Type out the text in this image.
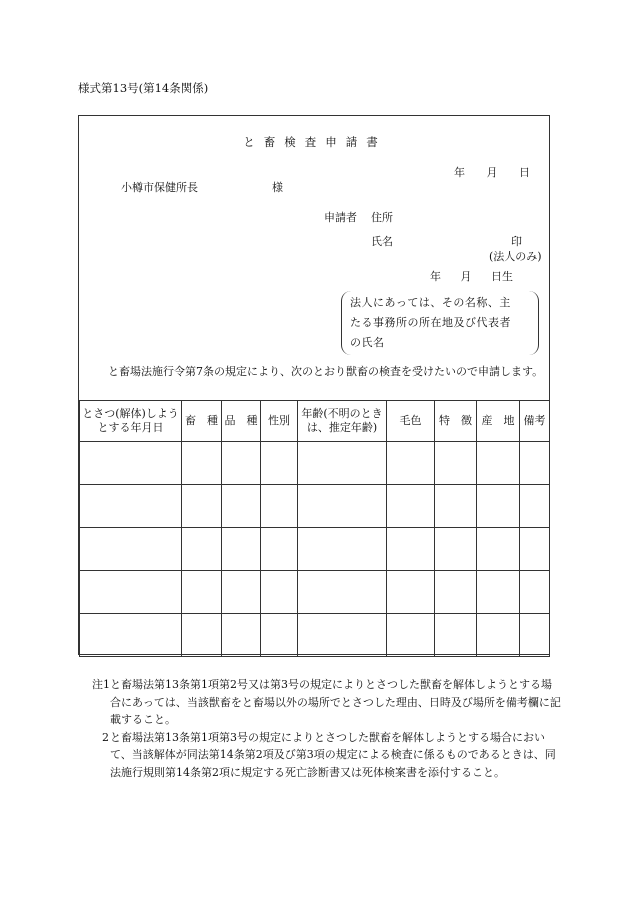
様式第13号(第14条関係)
と畜検査申請書
年 月 日
小樽市保健所長	様
申請者 住所
氏名	印
(法人のみ)
年 月 日生
法人にあっては、その名称、主
たる事務所の所在地及び代表者
の氏名
と畜場法施行令第7条の規定により、次のとおり獣畜の検査を受けたいので申請します。
とさつ(解体)しようとする年月日	畜　種	品　種	性別	年齢(不明のときは、推定年齢)	毛色	特　徴	産　地	備考

注1 と畜場法第13条第1項第2号又は第3号の規定によりとさつした獣畜を解体しようとする場合にあっては、当該獣畜をと畜場以外の場所でとさつした理由、日時及び場所を備考欄に記載すること。
2 と畜場法第13条第1項第3号の規定によりとさつした獣畜を解体しようとする場合において、当該解体が同法第14条第2項及び第3項の規定による検査に係るものであるときは、同法施行規則第14条第2項に規定する死亡診断書又は死体検案書を添付すること。
